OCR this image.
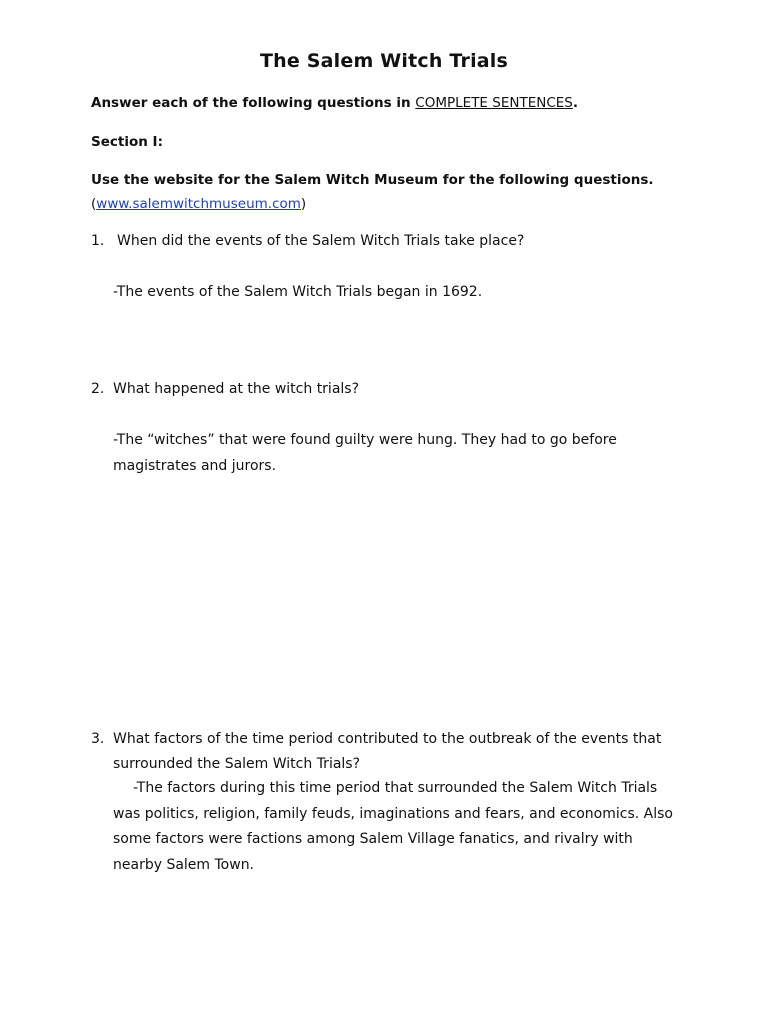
The Salem Witch Trials
Answer each of the following questions in COMPLETE SENTENCES.
Section I:
Use the website for the Salem Witch Museum for the following questions.
(www.salemwitchmuseum.com)
1. When did the events of the Salem Witch Trials take place?
-The events of the Salem Witch Trials began in 1692.
2. What happened at the witch trials?
-The “witches” that were found guilty were hung. They had to go before magistrates and jurors.
3. What factors of the time period contributed to the outbreak of the events that surrounded the Salem Witch Trials?
-The factors during this time period that surrounded the Salem Witch Trials was politics, religion, family feuds, imaginations and fears, and economics. Also some factors were factions among Salem Village fanatics, and rivalry with nearby Salem Town.
